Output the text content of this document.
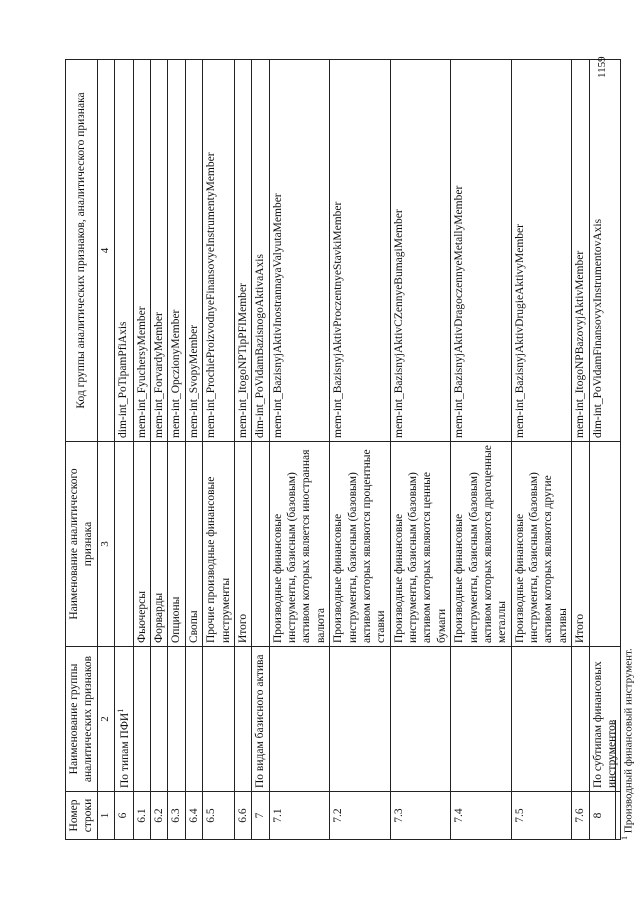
Номер строки	Наименование группы аналитических признаков	Наименование аналитического признака	Код группы аналитических признаков, аналитического признака
1	2	3	4
6	По типам ПФИ$^1$		dim-int_PoTipamPfiAxis
6.1		Фьючерсы	mem-int_FyuchersyMember
6.2		Форварды	mem-int_ForvardyMember
6.3		Опционы	mem-int_OpczionyMember
6.4		Свопы	mem-int_SvopyMember
6.5		Прочие производные финансовые инструменты	mem-int_ProchieProizvodnyeFinansovyeInstrumentyMember
6.6		Итого	mem-int_ItogoNPTipPFIMember
7	По видам базисного актива		dim-int_PoVidamBazisnogoAktivaAxis
7.1		Производные финансовые инструменты, базисным (базовым) активом которых является иностранная валюта	mem-int_BazisnyjAktivInostrannayaValyutaMember
7.2		Производные финансовые инструменты, базисным (базовым) активом которых являются процентные ставки	mem-int_BazisnyjAktivProczentnyeStavkiMember
7.3		Производные финансовые инструменты, базисным (базовым) активом которых являются ценные бумаги	mem-int_BazisnyjAktivCZennyeBumagiMember
7.4		Производные финансовые инструменты, базисным (базовым) активом которых являются драгоценные металлы	mem-int_BazisnyjAktivDragoczennyeMetallyMember
7.5		Производные финансовые инструменты, базисным (базовым) активом которых являются другие активы	mem-int_BazisnyjAktivDrugieAktivyMember
7.6		Итого	mem-int_ItogoNPBazovyjAktivMember
8	По субтипам финансовых инструментов		dim-int_PoVidamFinansovyxInstrumentovAxis
$^1$ Производный финансовый инструмент.
1159
